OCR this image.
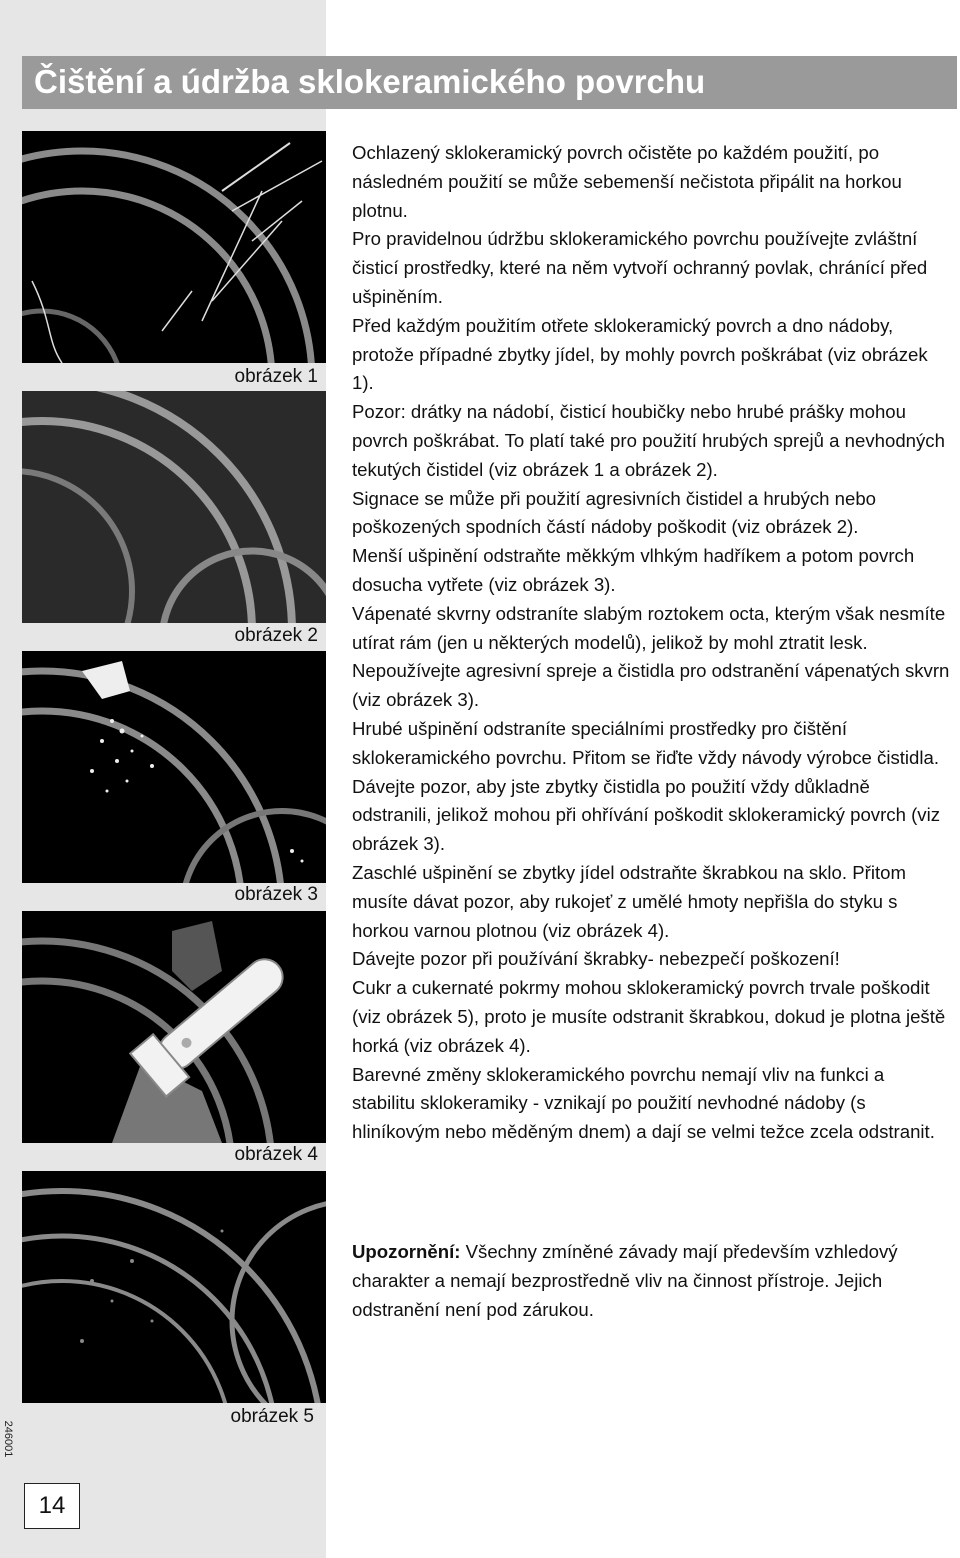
Čištění a údržba sklokeramického povrchu
obrázek 1
obrázek 2
obrázek 3
obrázek 4
obrázek 5

Ochlazený sklokeramický povrch očistěte po každém použití, po následném použití se může sebemenší nečistota připálit na horkou plotnu.

Pro pravidelnou údržbu sklokeramického povrchu používejte zvláštní čisticí prostředky, které na něm vytvoří ochranný povlak, chránící před ušpiněním.

Před každým použitím otřete sklokeramický povrch a dno nádoby, protože případné zbytky jídel, by mohly povrch poškrábat (viz obrázek 1).

Pozor: drátky na nádobí, čisticí houbičky nebo hrubé prášky mohou povrch poškrábat. To platí také pro použití hrubých sprejů a nevhodných tekutých čistidel (viz obrázek 1 a obrázek 2).

Signace se může při použití agresivních čistidel a hrubých nebo poškozených spodních částí nádoby poškodit (viz obrázek 2).

Menší ušpinění odstraňte měkkým vlhkým hadříkem a potom povrch dosucha vytřete (viz obrázek 3).

Vápenaté skvrny odstraníte slabým roztokem octa, kterým však nesmíte utírat rám (jen u některých modelů), jelikož by mohl ztratit lesk. Nepoužívejte agresivní spreje a čistidla pro odstranění vápenatých skvrn (viz obrázek 3).

Hrubé ušpinění odstraníte speciálními prostředky pro čištění sklokeramického povrchu. Přitom se řiďte vždy návody výrobce čistidla.

Dávejte pozor, aby jste zbytky čistidla po použití vždy důkladně odstranili, jelikož mohou při ohřívání poškodit sklokeramický povrch (viz obrázek 3).

Zaschlé ušpinění se zbytky jídel odstraňte škrabkou na sklo. Přitom musíte dávat pozor, aby rukojeť z umělé hmoty nepřišla do styku s horkou varnou plotnou (viz obrázek 4).

Dávejte pozor při používání škrabky- nebezpečí poškození!

Cukr a cukernaté pokrmy mohou sklokeramický povrch trvale poškodit (viz obrázek 5), proto je musíte odstranit škrabkou, dokud je plotna ještě horká (viz obrázek 4).

Barevné změny sklokeramického povrchu nemají vliv na funkci a stabilitu sklokeramiky - vznikají po použití nevhodné nádoby (s hliníkovým nebo měděným dnem) a dají se velmi težce zcela odstranit.

Upozornění: Všechny zmíněné závady mají především vzhledový charakter a nemají bezprostředně vliv na činnost přístroje. Jejich odstranění není pod zárukou.

246001
14
